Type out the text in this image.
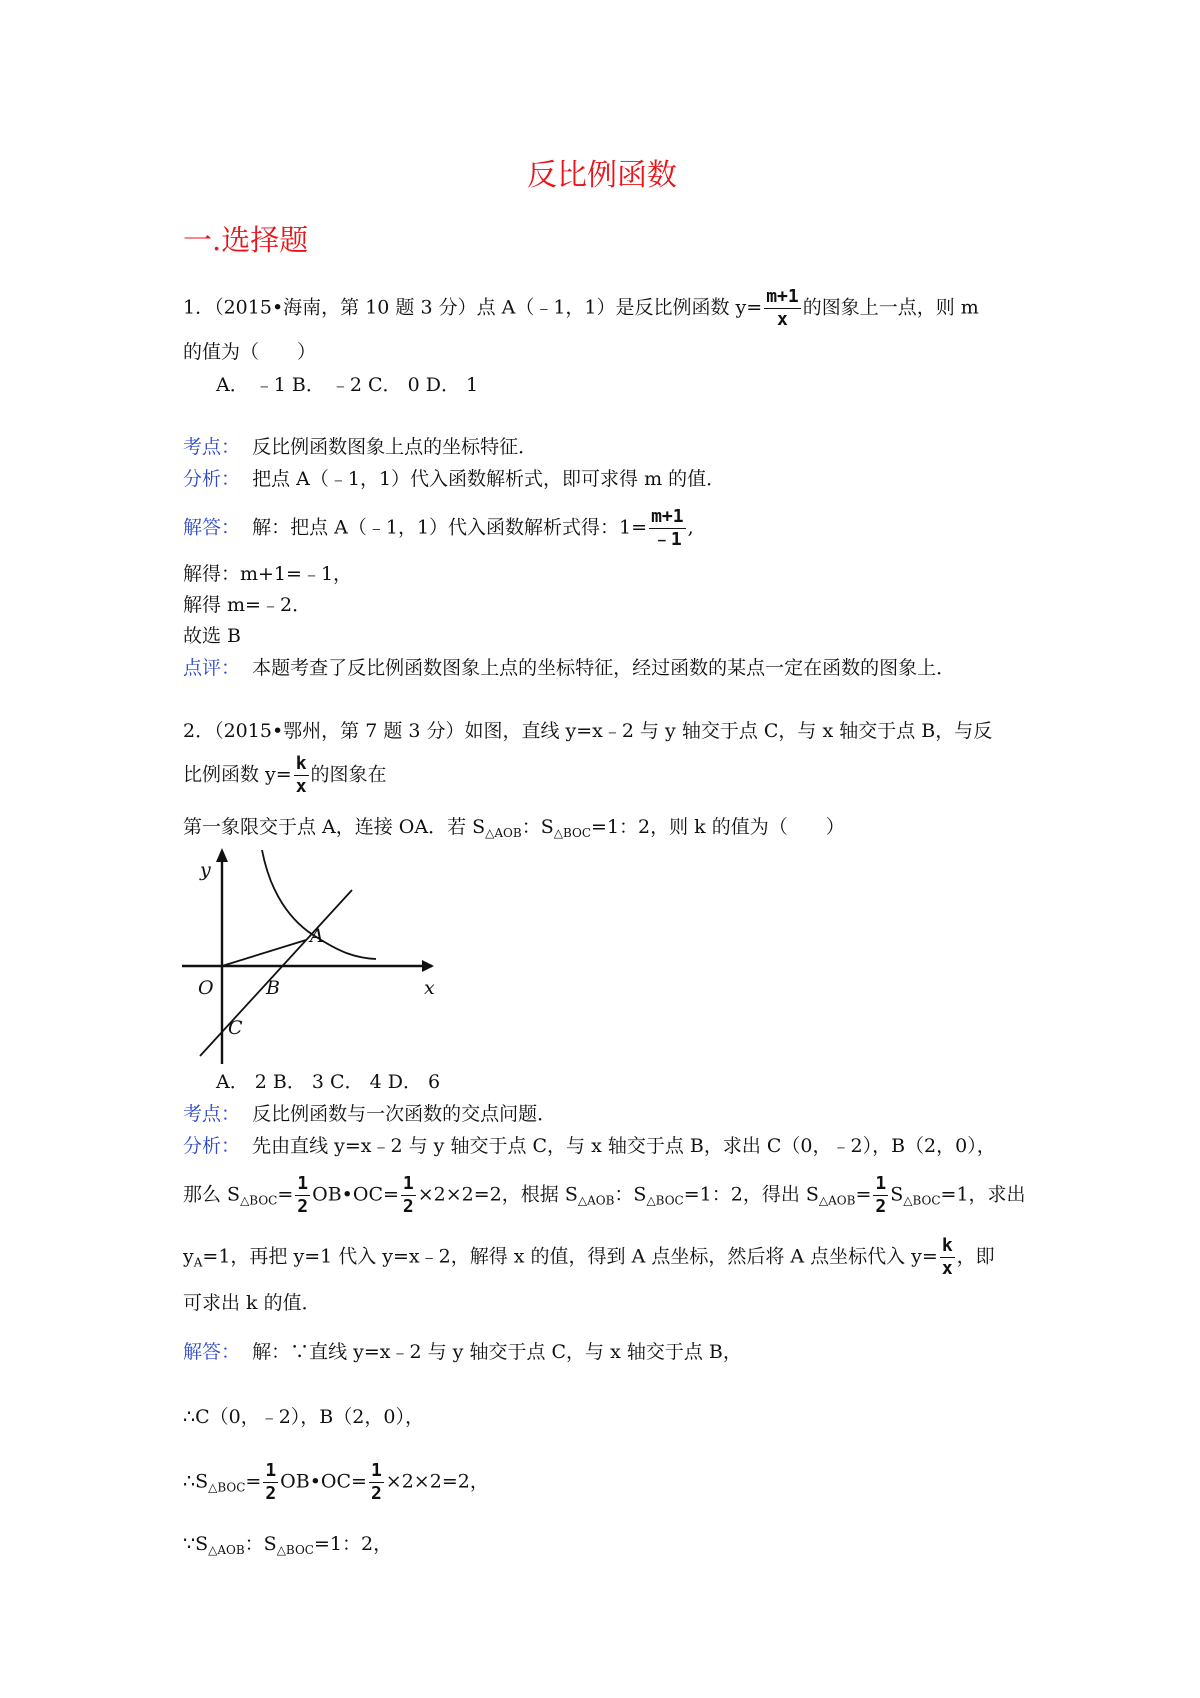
反比例函数
一.选择题
1．（2015•海南，第 10 题 3 分）点 A（﹣1，1）是反比例函数 $y= \frac{m+1}{x}$ 的图象上一点，则 m
的值为（　　）
A． ﹣1 B． ﹣2 C． 0 D． 1
考点： 反比例函数图象上点的坐标特征．
分析： 把点 A（﹣1，1）代入函数解析式，即可求得 m 的值．
解答： 解：把点 A（﹣1，1）代入函数解析式得：$1= \frac{m+1}{﹣1}$ ,
解得：m+1=﹣1，
解得 m=﹣2．
故选 B
点评： 本题考查了反比例函数图象上点的坐标特征，经过函数的某点一定在函数的图象上．
2．（2015•鄂州，第 7 题 3 分）如图，直线 y=x﹣2 与 y 轴交于点 C，与 x 轴交于点 B，与反
比例函数 $y= \frac{k}{x}$ 的图象在
第一象限交于点 A，连接 OA．若 $S_{\triangle AOB}$：$S_{\triangle BOC}=1$：2，则 k 的值为（　　）
y
x
O
A
B
C
A． 2 B． 3 C． 4 D． 6
考点： 反比例函数与一次函数的交点问题．
分析： 先由直线 y=x﹣2 与 y 轴交于点 C，与 x 轴交于点 B，求出 C（0，﹣2），B（2，0），
那么 $S_{\triangle BOC}= \frac{1}{2}$ OB•OC= $\frac{1}{2} \times 2\times 2=2$，根据 $S_{\triangle AOB}$：$S_{\triangle BOC}=1$：2，得出 $S_{\triangle AOB}= \frac{1}{2} S_{\triangle BOC}=1$，求出
$y_A=1$，再把 y=1 代入 y=x﹣2，解得 x 的值，得到 A 点坐标，然后将 A 点坐标代入 $y= \frac{k}{x}$ ，即
可求出 k 的值．
解答： 解：∵直线 y=x﹣2 与 y 轴交于点 C，与 x 轴交于点 B，
∴C（0，﹣2），B（2，0），
$\therefore S_{\triangle BOC}= \frac{1}{2}$ OB•OC= $\frac{1}{2} \times 2\times 2=2$，
$\because S_{\triangle AOB}$：$S_{\triangle BOC}=1$：2，
